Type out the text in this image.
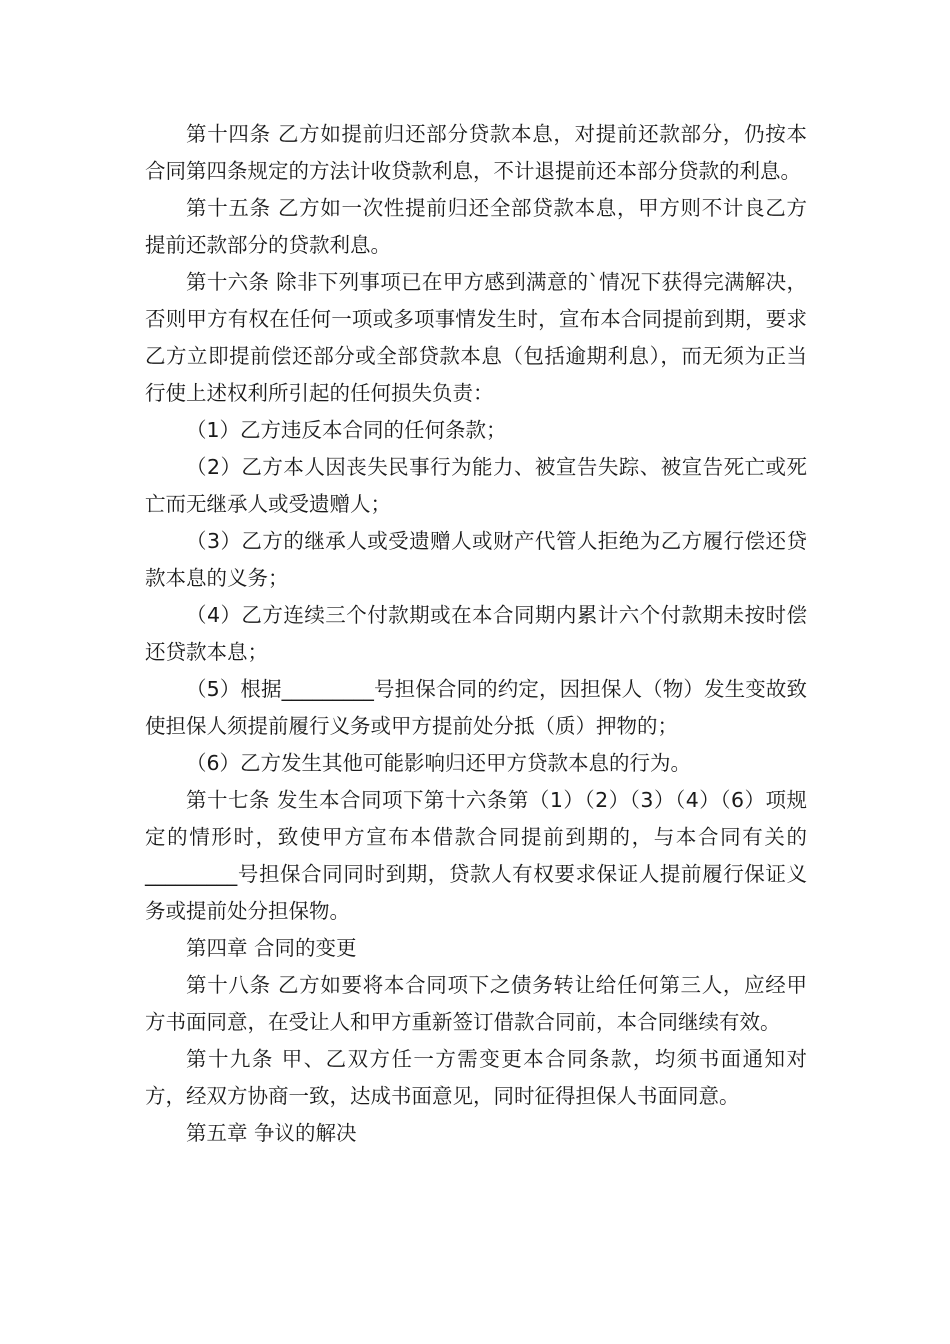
第十四条 乙方如提前归还部分贷款本息，对提前还款部分，仍按本合同第四条规定的方法计收贷款利息，不计退提前还本部分贷款的利息。

第十五条 乙方如一次性提前归还全部贷款本息，甲方则不计良乙方提前还款部分的贷款利息。

第十六条 除非下列事项已在甲方感到满意的`情况下获得完满解决，否则甲方有权在任何一项或多项事情发生时，宣布本合同提前到期，要求乙方立即提前偿还部分或全部贷款本息（包括逾期利息），而无须为正当行使上述权利所引起的任何损失负责：

（1）乙方违反本合同的任何条款；

（2）乙方本人因丧失民事行为能力、被宣告失踪、被宣告死亡或死亡而无继承人或受遗赠人；

（3）乙方的继承人或受遗赠人或财产代管人拒绝为乙方履行偿还贷款本息的义务；

（4）乙方连续三个付款期或在本合同期内累计六个付款期未按时偿还贷款本息；

（5）根据_________号担保合同的约定，因担保人（物）发生变故致使担保人须提前履行义务或甲方提前处分抵（质）押物的；

（6）乙方发生其他可能影响归还甲方贷款本息的行为。

第十七条 发生本合同项下第十六条第（1）（2）（3）（4）（6）项规定的情形时，致使甲方宣布本借款合同提前到期的，与本合同有关的_________号担保合同同时到期，贷款人有权要求保证人提前履行保证义务或提前处分担保物。

第四章 合同的变更

第十八条 乙方如要将本合同项下之债务转让给任何第三人，应经甲方书面同意，在受让人和甲方重新签订借款合同前，本合同继续有效。

第十九条 甲、乙双方任一方需变更本合同条款，均须书面通知对方，经双方协商一致，达成书面意见，同时征得担保人书面同意。

第五章 争议的解决
